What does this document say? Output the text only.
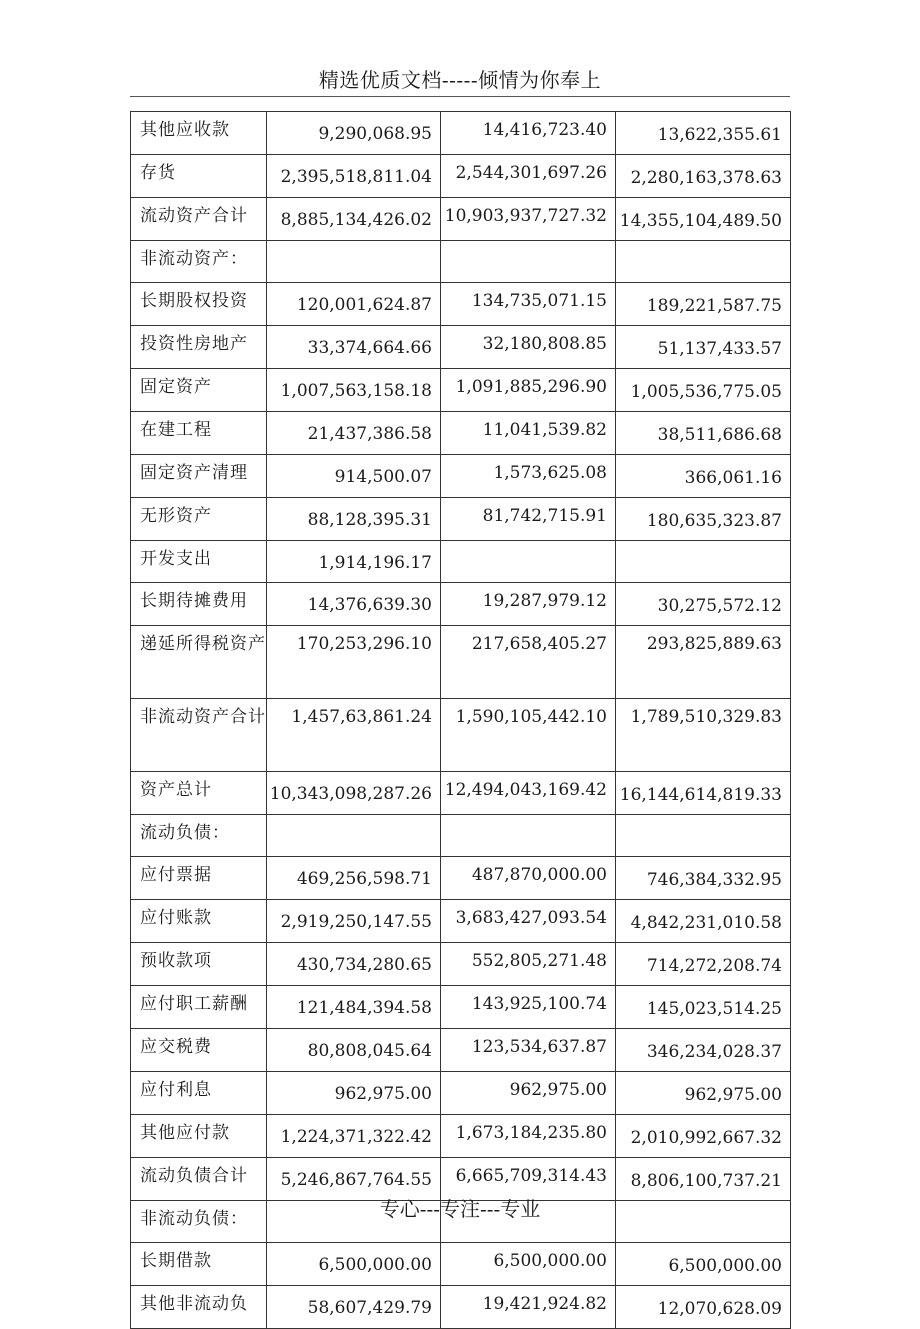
精选优质文档-----倾情为你奉上
其他应收款	9,290,068.95	14,416,723.40	13,622,355.61
存货	2,395,518,811.04	2,544,301,697.26	2,280,163,378.63
流动资产合计	8,885,134,426.02	10,903,937,727.32	14,355,104,489.50
非流动资产：			
长期股权投资	120,001,624.87	134,735,071.15	189,221,587.75
投资性房地产	33,374,664.66	32,180,808.85	51,137,433.57
固定资产	1,007,563,158.18	1,091,885,296.90	1,005,536,775.05
在建工程	21,437,386.58	11,041,539.82	38,511,686.68
固定资产清理	914,500.07	1,573,625.08	366,061.16
无形资产	88,128,395.31	81,742,715.91	180,635,323.87
开发支出	1,914,196.17		
长期待摊费用	14,376,639.30	19,287,979.12	30,275,572.12
递延所得税资产	170,253,296.10	217,658,405.27	293,825,889.63
非流动资产合计	1,457,63,861.24	1,590,105,442.10	1,789,510,329.83
资产总计	10,343,098,287.26	12,494,043,169.42	16,144,614,819.33
流动负债：			
应付票据	469,256,598.71	487,870,000.00	746,384,332.95
应付账款	2,919,250,147.55	3,683,427,093.54	4,842,231,010.58
预收款项	430,734,280.65	552,805,271.48	714,272,208.74
应付职工薪酬	121,484,394.58	143,925,100.74	145,023,514.25
应交税费	80,808,045.64	123,534,637.87	346,234,028.37
应付利息	962,975.00	962,975.00	962,975.00
其他应付款	1,224,371,322.42	1,673,184,235.80	2,010,992,667.32
流动负债合计	5,246,867,764.55	6,665,709,314.43	8,806,100,737.21
非流动负债：			
长期借款	6,500,000.00	6,500,000.00	6,500,000.00
其他非流动负	58,607,429.79	19,421,924.82	12,070,628.09
专心---专注---专业
